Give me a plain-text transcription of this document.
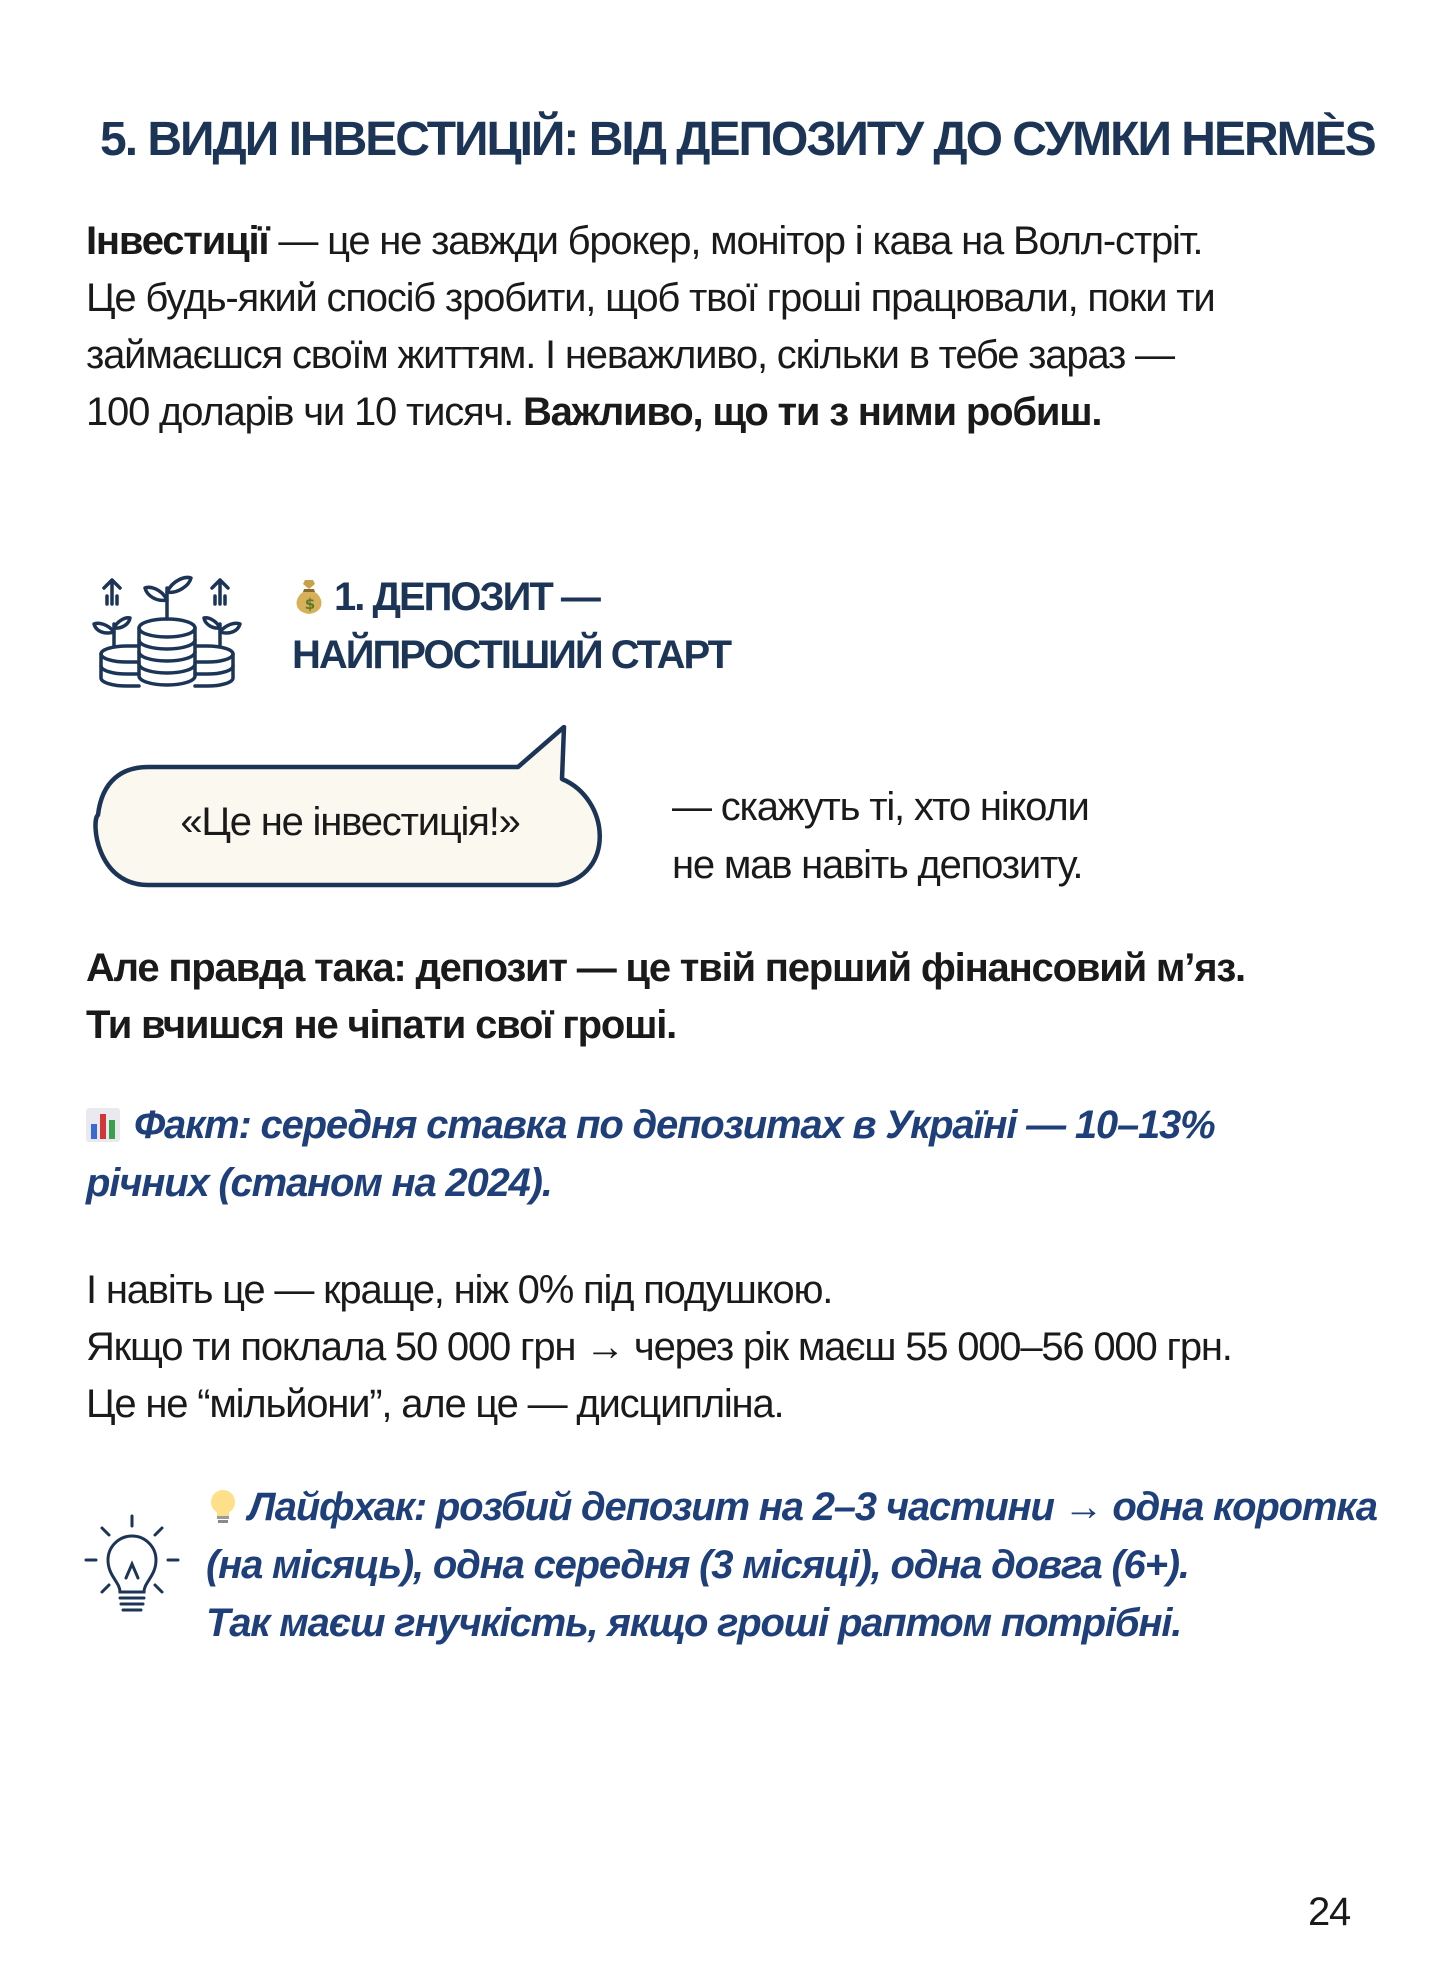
5. ВИДИ ІНВЕСТИЦІЙ: ВІД ДЕПОЗИТУ ДО СУМКИ HERMÈS

Інвестиції — це не завжди брокер, монітор і кава на Волл-стріт.

Це будь-який спосіб зробити, щоб твої гроші працювали, поки ти

займаєшся своїм життям. І неважливо, скільки в тебе зараз —

100 доларів чи 10 тисяч. Важливо, що ти з ними робиш.

$ 1. ДЕПОЗИТ —

НАЙПРОСТІШИЙ СТАРТ

«Це не інвестиція!»	— скажуть ті, хто ніколи

не мав навіть депозиту.

Але правда така: депозит — це твій перший фінансовий м’яз.

Ти вчишся не чіпати свої гроші.

Факт: середня ставка по депозитах в Україні — 10–13%

річних (станом на 2024).

І навіть це — краще, ніж 0% під подушкою.

Якщо ти поклала 50 000 грн → через рік маєш 55 000–56 000 грн.

Це не “мільйони”, але це — дисципліна.

Лайфхак: розбий депозит на 2–3 частини → одна коротка

(на місяць), одна середня (3 місяці), одна довга (6+).

Так маєш гнучкість, якщо гроші раптом потрібні.

24
